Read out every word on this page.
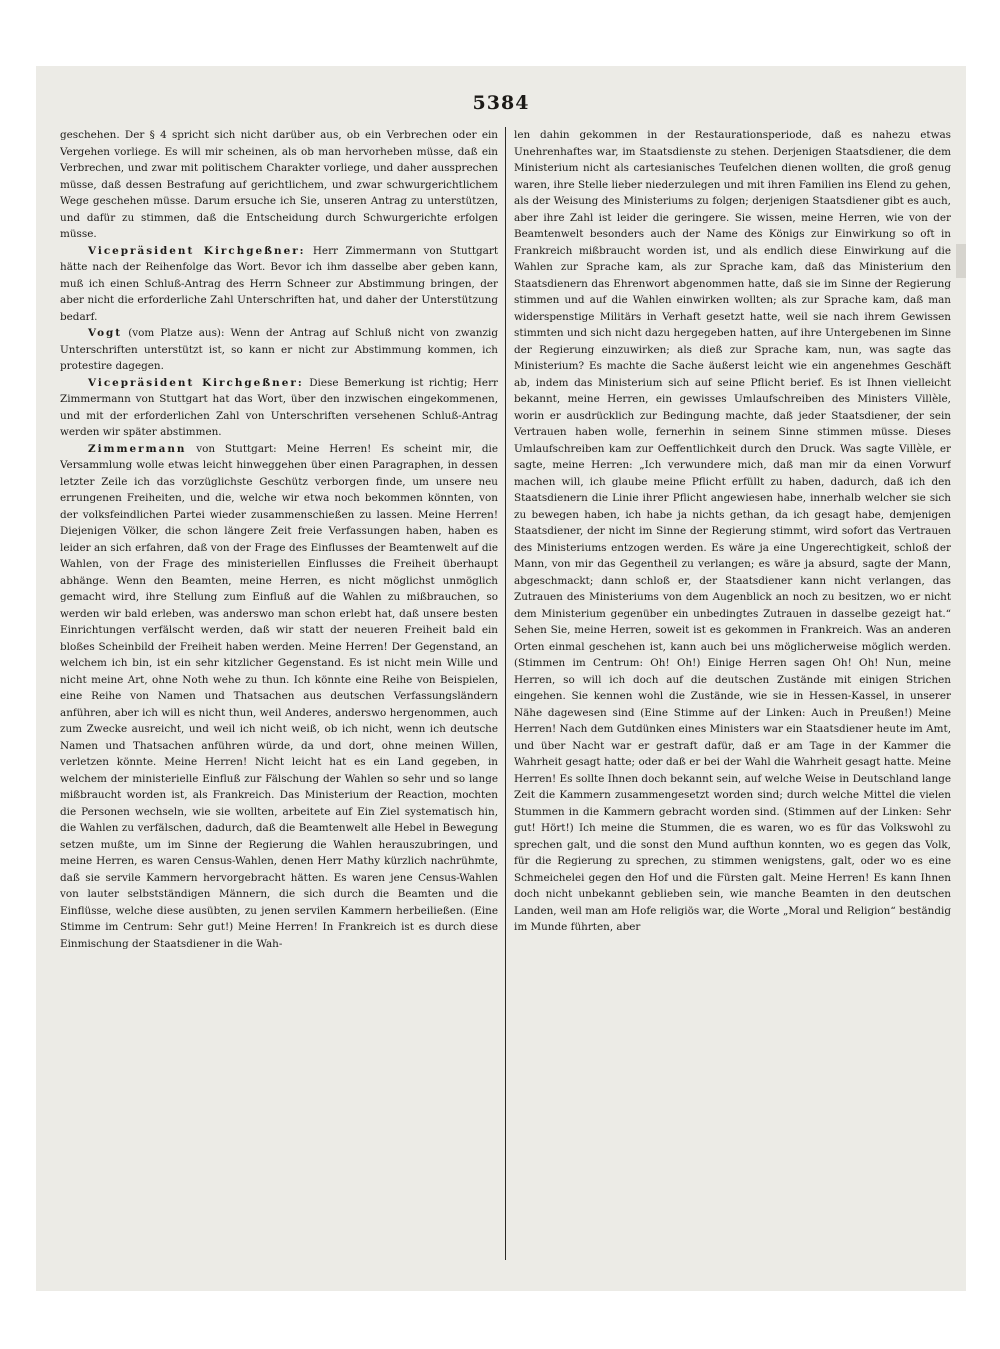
5384

geschehen. Der § 4 spricht sich nicht darüber aus, ob ein Verbrechen oder ein Vergehen vorliege. Es will mir scheinen, als ob man hervorheben müsse, daß ein Verbrechen, und zwar mit politischem Charakter vorliege, und daher aussprechen müsse, daß dessen Bestrafung auf gerichtlichem, und zwar schwurgerichtlichem Wege geschehen müsse. Darum ersuche ich Sie, unseren Antrag zu unterstützen, und dafür zu stimmen, daß die Entscheidung durch Schwurgerichte erfolgen müsse.

Vicepräsident Kirchgeßner: Herr Zimmermann von Stuttgart hätte nach der Reihenfolge das Wort. Bevor ich ihm dasselbe aber geben kann, muß ich einen Schluß-Antrag des Herrn Schneer zur Abstimmung bringen, der aber nicht die erforderliche Zahl Unterschriften hat, und daher der Unterstützung bedarf.

Vogt (vom Platze aus): Wenn der Antrag auf Schluß nicht von zwanzig Unterschriften unterstützt ist, so kann er nicht zur Abstimmung kommen, ich protestire dagegen.

Vicepräsident Kirchgeßner: Diese Bemerkung ist richtig; Herr Zimmermann von Stuttgart hat das Wort, über den inzwischen eingekommenen, und mit der erforderlichen Zahl von Unterschriften versehenen Schluß-Antrag werden wir später abstimmen.

Zimmermann von Stuttgart: Meine Herren! Es scheint mir, die Versammlung wolle etwas leicht hinweggehen über einen Paragraphen, in dessen letzter Zeile ich das vorzüglichste Geschütz verborgen finde, um unsere neu errungenen Freiheiten, und die, welche wir etwa noch bekommen könnten, von der volksfeindlichen Partei wieder zusammenschießen zu lassen. Meine Herren! Diejenigen Völker, die schon längere Zeit freie Verfassungen haben, haben es leider an sich erfahren, daß von der Frage des Einflusses der Beamtenwelt auf die Wahlen, von der Frage des ministeriellen Einflusses die Freiheit überhaupt abhänge. Wenn den Beamten, meine Herren, es nicht möglichst unmöglich gemacht wird, ihre Stellung zum Einfluß auf die Wahlen zu mißbrauchen, so werden wir bald erleben, was anderswo man schon erlebt hat, daß unsere besten Einrichtungen verfälscht werden, daß wir statt der neueren Freiheit bald ein bloßes Scheinbild der Freiheit haben werden. Meine Herren! Der Gegenstand, an welchem ich bin, ist ein sehr kitzlicher Gegenstand. Es ist nicht mein Wille und nicht meine Art, ohne Noth wehe zu thun. Ich könnte eine Reihe von Beispielen, eine Reihe von Namen und Thatsachen aus deutschen Verfassungsländern anführen, aber ich will es nicht thun, weil Anderes, anderswo hergenommen, auch zum Zwecke ausreicht, und weil ich nicht weiß, ob ich nicht, wenn ich deutsche Namen und Thatsachen anführen würde, da und dort, ohne meinen Willen, verletzen könnte. Meine Herren! Nicht leicht hat es ein Land gegeben, in welchem der ministerielle Einfluß zur Fälschung der Wahlen so sehr und so lange mißbraucht worden ist, als Frankreich. Das Ministerium der Reaction, mochten die Personen wechseln, wie sie wollten, arbeitete auf Ein Ziel systematisch hin, die Wahlen zu verfälschen, dadurch, daß die Beamtenwelt alle Hebel in Bewegung setzen mußte, um im Sinne der Regierung die Wahlen herauszubringen, und meine Herren, es waren Census-Wahlen, denen Herr Mathy kürzlich nachrühmte, daß sie servile Kammern hervorgebracht hätten. Es waren jene Census-Wahlen von lauter selbstständigen Männern, die sich durch die Beamten und die Einflüsse, welche diese ausübten, zu jenen servilen Kammern herbeiließen. (Eine Stimme im Centrum: Sehr gut!) Meine Herren! In Frankreich ist es durch diese Einmischung der Staatsdiener in die Wah-

len dahin gekommen in der Restaurationsperiode, daß es nahezu etwas Unehrenhaftes war, im Staatsdienste zu stehen. Derjenigen Staatsdiener, die dem Ministerium nicht als cartesianisches Teufelchen dienen wollten, die groß genug waren, ihre Stelle lieber niederzulegen und mit ihren Familien ins Elend zu gehen, als der Weisung des Ministeriums zu folgen; derjenigen Staatsdiener gibt es auch, aber ihre Zahl ist leider die geringere. Sie wissen, meine Herren, wie von der Beamtenwelt besonders auch der Name des Königs zur Einwirkung so oft in Frankreich mißbraucht worden ist, und als endlich diese Einwirkung auf die Wahlen zur Sprache kam, als zur Sprache kam, daß das Ministerium den Staatsdienern das Ehrenwort abgenommen hatte, daß sie im Sinne der Regierung stimmen und auf die Wahlen einwirken wollten; als zur Sprache kam, daß man widerspenstige Militärs in Verhaft gesetzt hatte, weil sie nach ihrem Gewissen stimmten und sich nicht dazu hergegeben hatten, auf ihre Untergebenen im Sinne der Regierung einzuwirken; als dieß zur Sprache kam, nun, was sagte das Ministerium? Es machte die Sache äußerst leicht wie ein angenehmes Geschäft ab, indem das Ministerium sich auf seine Pflicht berief. Es ist Ihnen vielleicht bekannt, meine Herren, ein gewisses Umlaufschreiben des Ministers Villèle, worin er ausdrücklich zur Bedingung machte, daß jeder Staatsdiener, der sein Vertrauen haben wolle, fernerhin in seinem Sinne stimmen müsse. Dieses Umlaufschreiben kam zur Oeffentlichkeit durch den Druck. Was sagte Villèle, er sagte, meine Herren: „Ich verwundere mich, daß man mir da einen Vorwurf machen will, ich glaube meine Pflicht erfüllt zu haben, dadurch, daß ich den Staatsdienern die Linie ihrer Pflicht angewiesen habe, innerhalb welcher sie sich zu bewegen haben, ich habe ja nichts gethan, da ich gesagt habe, demjenigen Staatsdiener, der nicht im Sinne der Regierung stimmt, wird sofort das Vertrauen des Ministeriums entzogen werden. Es wäre ja eine Ungerechtigkeit, schloß der Mann, von mir das Gegentheil zu verlangen; es wäre ja absurd, sagte der Mann, abgeschmackt; dann schloß er, der Staatsdiener kann nicht verlangen, das Zutrauen des Ministeriums von dem Augenblick an noch zu besitzen, wo er nicht dem Ministerium gegenüber ein unbedingtes Zutrauen in dasselbe gezeigt hat.“ Sehen Sie, meine Herren, soweit ist es gekommen in Frankreich. Was an anderen Orten einmal geschehen ist, kann auch bei uns möglicherweise möglich werden. (Stimmen im Centrum: Oh! Oh!) Einige Herren sagen Oh! Oh! Nun, meine Herren, so will ich doch auf die deutschen Zustände mit einigen Strichen eingehen. Sie kennen wohl die Zustände, wie sie in Hessen-Kassel, in unserer Nähe dagewesen sind (Eine Stimme auf der Linken: Auch in Preußen!) Meine Herren! Nach dem Gutdünken eines Ministers war ein Staatsdiener heute im Amt, und über Nacht war er gestraft dafür, daß er am Tage in der Kammer die Wahrheit gesagt hatte; oder daß er bei der Wahl die Wahrheit gesagt hatte. Meine Herren! Es sollte Ihnen doch bekannt sein, auf welche Weise in Deutschland lange Zeit die Kammern zusammengesetzt worden sind; durch welche Mittel die vielen Stummen in die Kammern gebracht worden sind. (Stimmen auf der Linken: Sehr gut! Hört!) Ich meine die Stummen, die es waren, wo es für das Volkswohl zu sprechen galt, und die sonst den Mund aufthun konnten, wo es gegen das Volk, für die Regierung zu sprechen, zu stimmen wenigstens, galt, oder wo es eine Schmeichelei gegen den Hof und die Fürsten galt. Meine Herren! Es kann Ihnen doch nicht unbekannt geblieben sein, wie manche Beamten in den deutschen Landen, weil man am Hofe religiös war, die Worte „Moral und Religion“ beständig im Munde führten, aber
